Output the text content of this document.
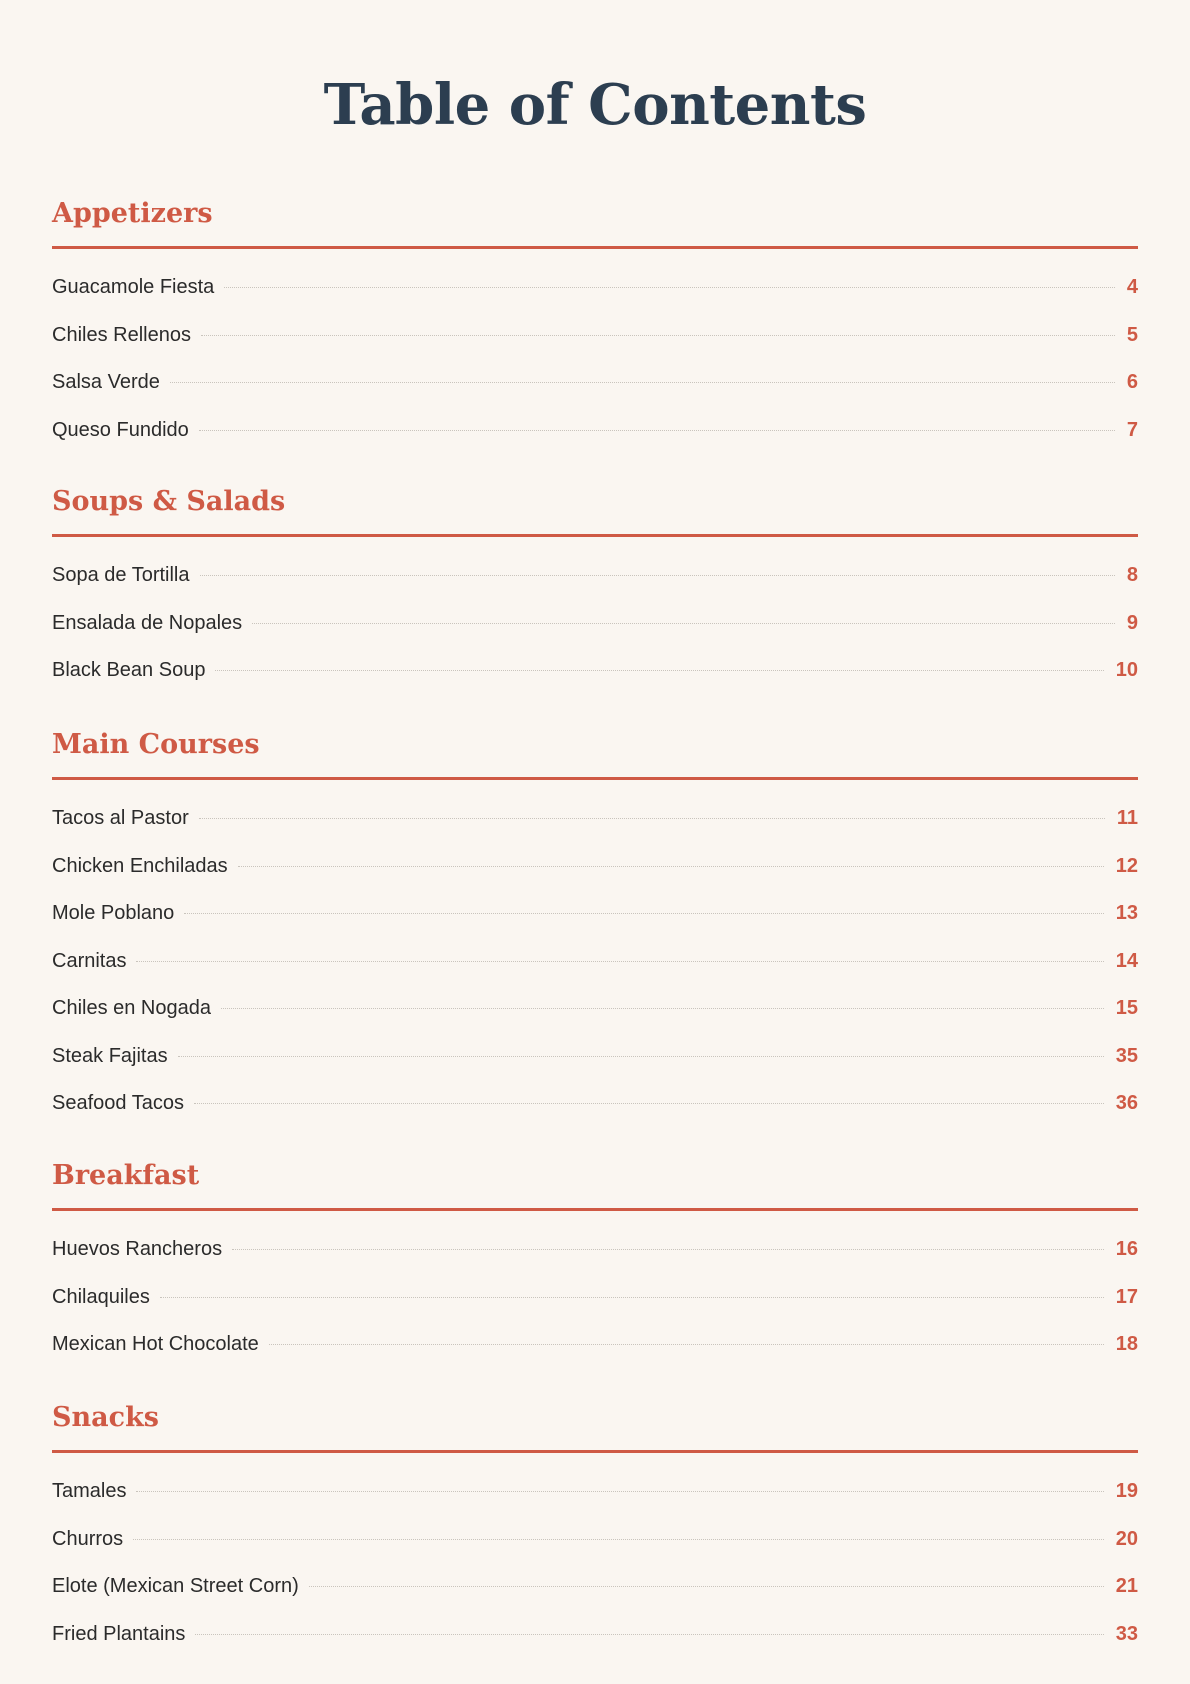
Table of Contents
Appetizers
Guacamole Fiesta	4
Chiles Rellenos	5
Salsa Verde	6
Queso Fundido	7
Soups & Salads
Sopa de Tortilla	8
Ensalada de Nopales	9
Black Bean Soup	10
Main Courses
Tacos al Pastor	11
Chicken Enchiladas	12
Mole Poblano	13
Carnitas	14
Chiles en Nogada	15
Steak Fajitas	35
Seafood Tacos	36
Breakfast
Huevos Rancheros	16
Chilaquiles	17
Mexican Hot Chocolate	18
Snacks
Tamales	19
Churros	20
Elote (Mexican Street Corn)	21
Fried Plantains	33
